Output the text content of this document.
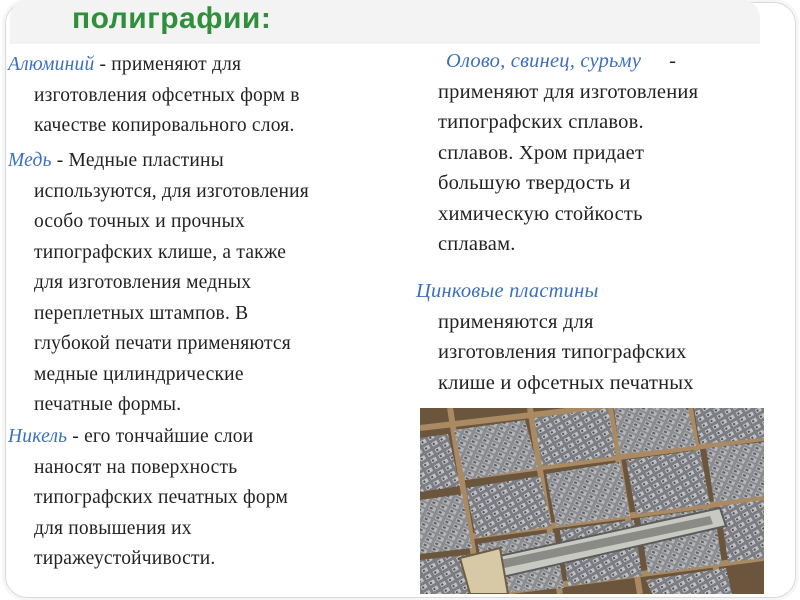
полиграфии:
Алюминий - применяют для
изготовления офсетных форм в
качестве копировального слоя.
Медь - Медные пластины
используются, для изготовления
особо точных и прочных
типографских клише, а также
для изготовления медных
переплетных штампов. В
глубокой печати применяются
медные цилиндрические
печатные формы.
Никель - его тончайшие слои
наносят на поверхность
типографских печатных форм
для повышения их
тиражеустойчивости.
Олово, свинец, сурьму -
применяют для изготовления
типографских сплавов.
сплавов. Хром придает
большую твердость и
химическую стойкость
сплавам.
Цинковые пластины
применяются для
изготовления типографских
клише и офсетных печатных
